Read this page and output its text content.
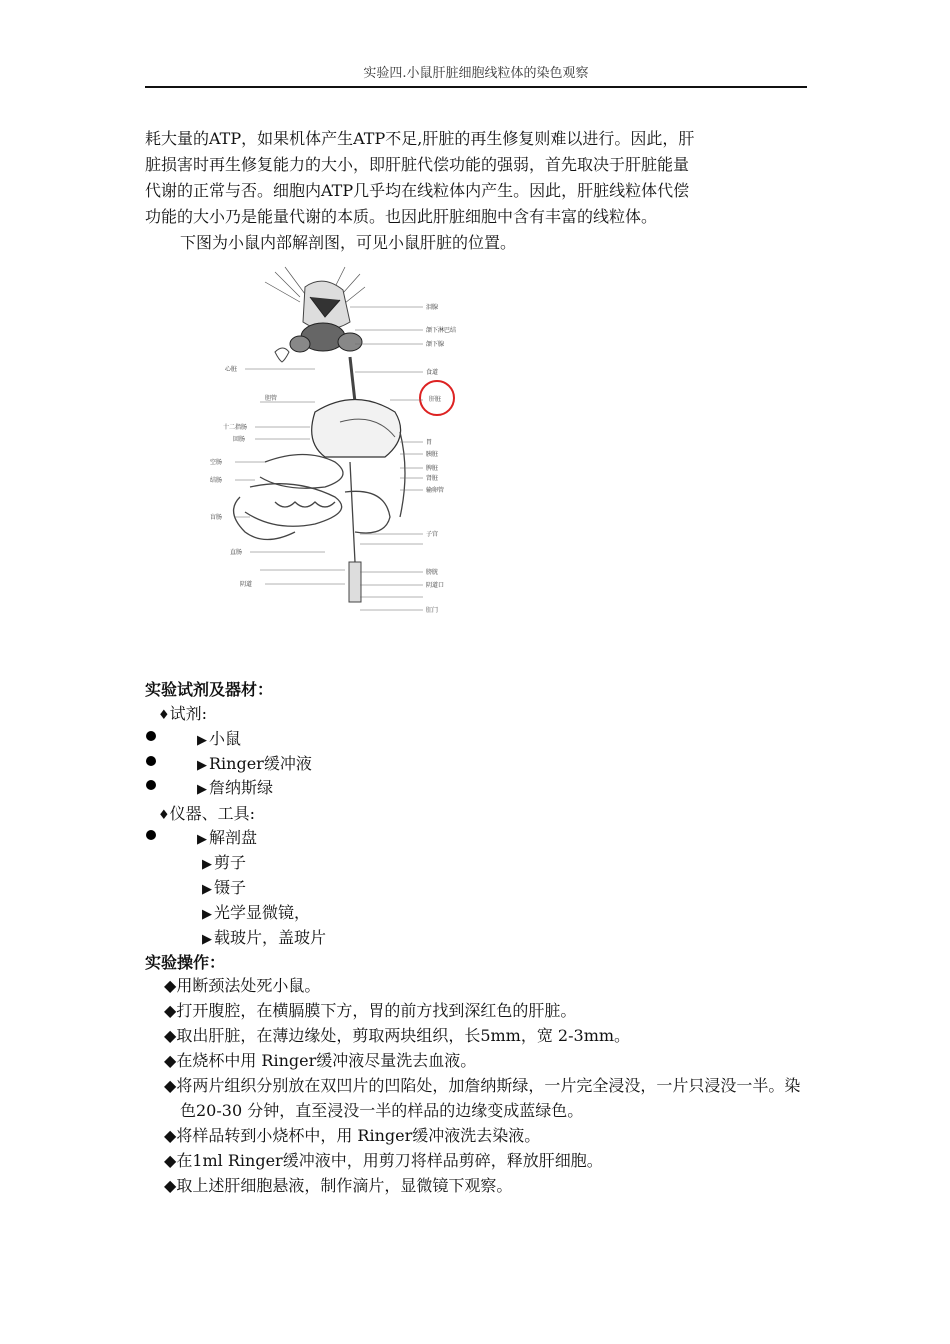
实验四.小鼠肝脏细胞线粒体的染色观察

耗大量的ATP，如果机体产生ATP不足,肝脏的再生修复则难以进行。因此，肝

脏损害时再生修复能力的大小，即肝脏代偿功能的强弱，首先取决于肝脏能量

代谢的正常与否。细胞内ATP几乎均在线粒体内产生。因此，肝脏线粒体代偿

功能的大小乃是能量代谢的本质。也因此肝脏细胞中含有丰富的线粒体。

下图为小鼠内部解剖图，可见小鼠肝脏的位置。

泪腺
颌下淋巴结
颌下腺
食道
肝脏
胃
胰脏
脾脏
肾脏
输卵管
子宫
膀胱
阴道口
肛门
心脏
胆管
十二指肠
回肠
空肠
结肠
盲肠
直肠
阴道
实验试剂及器材：
♦试剂:
▶ 小鼠
▶ Ringer缓冲液
▶ 詹纳斯绿
♦仪器、工具:
▶ 解剖盘
▶ 剪子
▶ 镊子
▶ 光学显微镜，
▶ 载玻片，盖玻片
实验操作：
◆用断颈法处死小鼠。
◆打开腹腔，在横膈膜下方，胃的前方找到深红色的肝脏。
◆取出肝脏，在薄边缘处，剪取两块组织，长5mm，宽 2-3mm。
◆在烧杯中用 Ringer缓冲液尽量洗去血液。
◆将两片组织分别放在双凹片的凹陷处，加詹纳斯绿，一片完全浸没，一片只浸没一半。染色20-30 分钟，直至浸没一半的样品的边缘变成蓝绿色。
◆将样品转到小烧杯中，用 Ringer缓冲液洗去染液。
◆在1ml Ringer缓冲液中，用剪刀将样品剪碎，释放肝细胞。
◆取上述肝细胞悬液，制作滴片，显微镜下观察。
